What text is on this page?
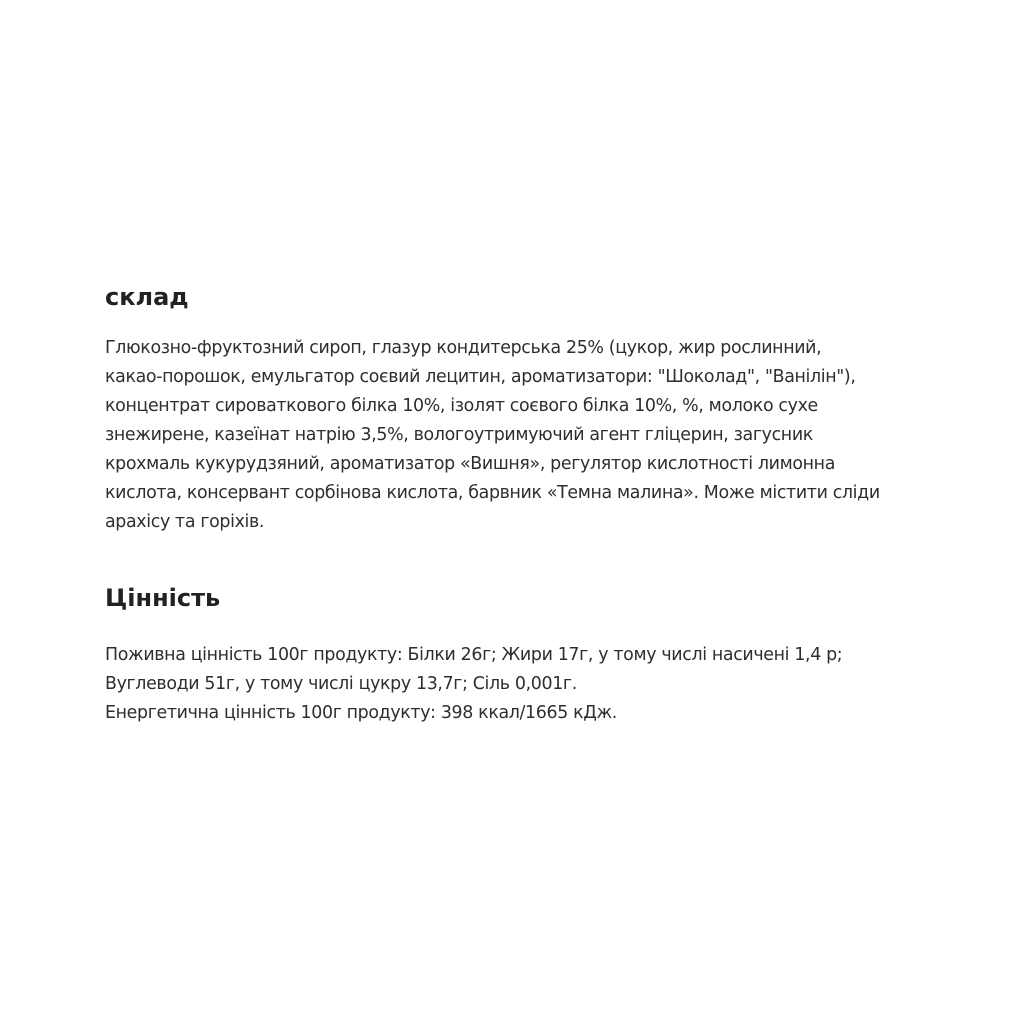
склад

Глюкозно-фруктозний сироп, глазур кондитерська 25% (цукор, жир рослинний,
какао-порошок, емульгатор соєвий лецитин, ароматизатори: "Шоколад", "Ванілін"),
концентрат сироваткового білка 10%, ізолят соєвого білка 10%, %, молоко сухе
знежирене, казеїнат натрію 3,5%, вологоутримуючий агент гліцерин, загусник
крохмаль кукурудзяний, ароматизатор «Вишня», регулятор кислотності лимонна
кислота, консервант сорбінова кислота, барвник «Темна малина». Може містити сліди
арахісу та горіхів.

Цінність

Поживна цінність 100г продукту: Білки 26г; Жири 17г, у тому числі насичені 1,4 р;
Вуглеводи 51г, у тому числі цукру 13,7г; Сіль 0,001г.
Енергетична цінність 100г продукту: 398 ккал/1665 кДж.
